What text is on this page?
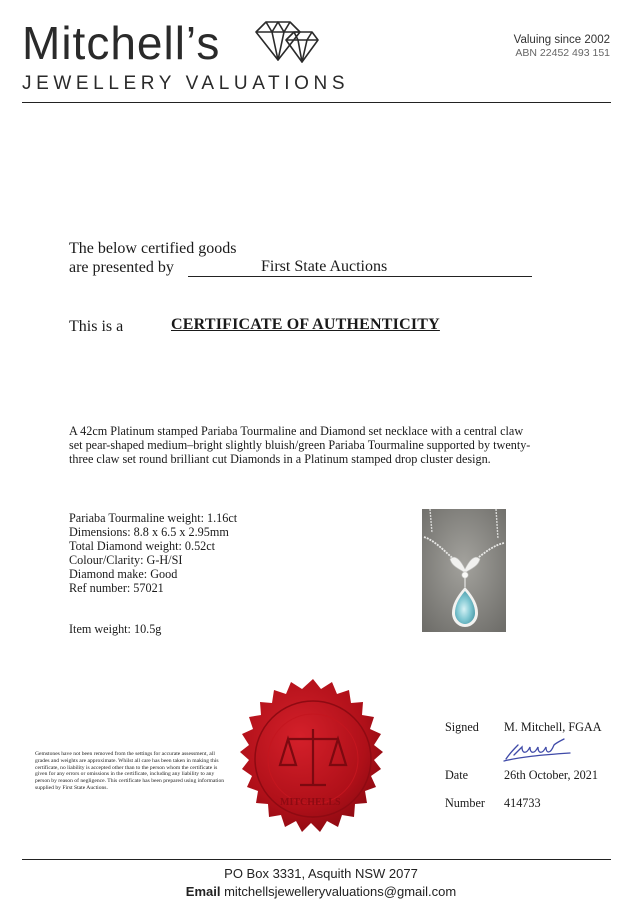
Mitchell’s
JEWELLERY VALUATIONS
Valuing since 2002
ABN 22452 493 151
The below certified goods
are presented by	First State Auctions
This is a	CERTIFICATE OF AUTHENTICITY
A 42cm Platinum stamped Pariaba Tourmaline and Diamond set necklace with a central claw set pear-shaped medium–bright slightly bluish/green Pariaba Tourmaline supported by twenty-three claw set round brilliant cut Diamonds in a Platinum stamped drop cluster design.
Pariaba Tourmaline weight: 1.16ct
Dimensions: 8.8 x 6.5 x 2.95mm
Total Diamond weight: 0.52ct
Colour/Clarity: G-H/SI
Diamond make: Good
Ref number: 57021
Item weight: 10.5g
MITCHELLS
Gemstones have not been removed from the settings for accurate assessment, all grades and weights are approximate. Whilst all care has been taken in making this certificate, no liability is accepted other than to the person whom the certificate is given for any errors or omissions in the certificate, including any liability to any person by reason of negligence. This certificate has been prepared using information supplied by First State Auctions.
Signed M. Mitchell, FGAA
Date	26th October, 2021
Number 414733
PO Box 3331, Asquith NSW 2077
Email mitchellsjewelleryvaluations@gmail.com
